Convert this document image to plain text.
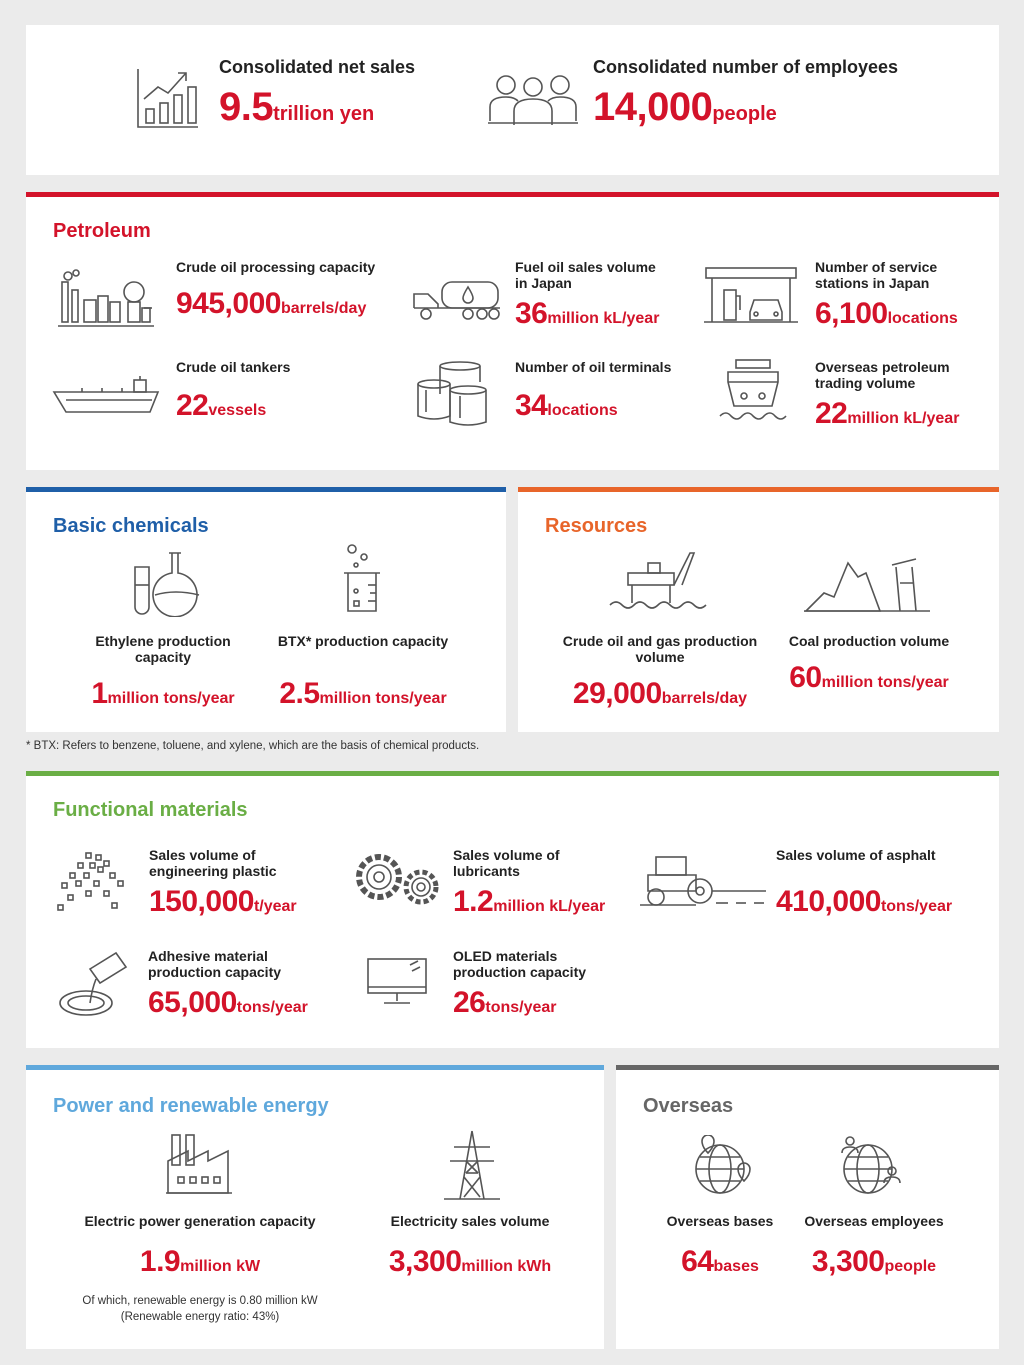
Consolidated net sales
9.5trillion yen
Consolidated number of employees
14,000people
Petroleum
Crude oil processing capacity
945,000barrels/day
Fuel oil sales volume in Japan
36million kL/year
Number of service stations in Japan
6,100locations
Crude oil tankers
22vessels
Number of oil terminals
34locations
Overseas petroleum trading volume
22million kL/year
Basic chemicals
Ethylene production capacity
1million tons/year
BTX* production capacity
2.5million tons/year
Resources
Crude oil and gas production volume
29,000barrels/day
Coal production volume
60million tons/year
* BTX: Refers to benzene, toluene, and xylene, which are the basis of chemical products.
Functional materials
Sales volume of engineering plastic
150,000t/year
Sales volume of lubricants
1.2million kL/year
Sales volume of asphalt
410,000tons/year
Adhesive material production capacity
65,000tons/year
OLED materials production capacity
26tons/year
Power and renewable energy
Electric power generation capacity
1.9million kW
Of which, renewable energy is 0.80 million kW
(Renewable energy ratio: 43%)
Electricity sales volume
3,300million kWh
Overseas
Overseas bases
64bases
Overseas employees
3,300people
